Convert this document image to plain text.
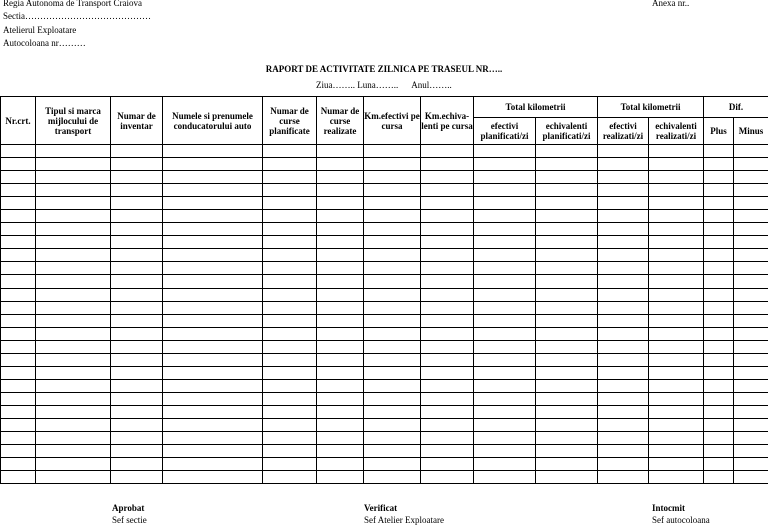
Regia Autonoma de Transport Craiova
Sectia……………………………………
Atelierul Exploatare
Autocoloana nr………
Anexa nr..
RAPORT DE ACTIVITATE ZILNICA PE TRASEUL NR…..
Ziua…….. Luna……..      Anul……..
Nr.crt.	Tipul si marca mijlocului de transport	Numar de inventar	Numele si prenumele conducatorului auto	Numar de curse planificate	Numar de curse realizate	Km.efectivi pe cursa	Km.echiva-lenti pe cursa	Total kilometrii		Total kilometrii		Dif.	
								efectivi planificati/zi	echivalenti planificati/zi	efectivi realizati/zi	echivalenti realizati/zi	Plus	Minus

Aprobat
Sef sectie
Verificat
Sef Atelier Exploatare
Intocmit
Sef autocoloana
